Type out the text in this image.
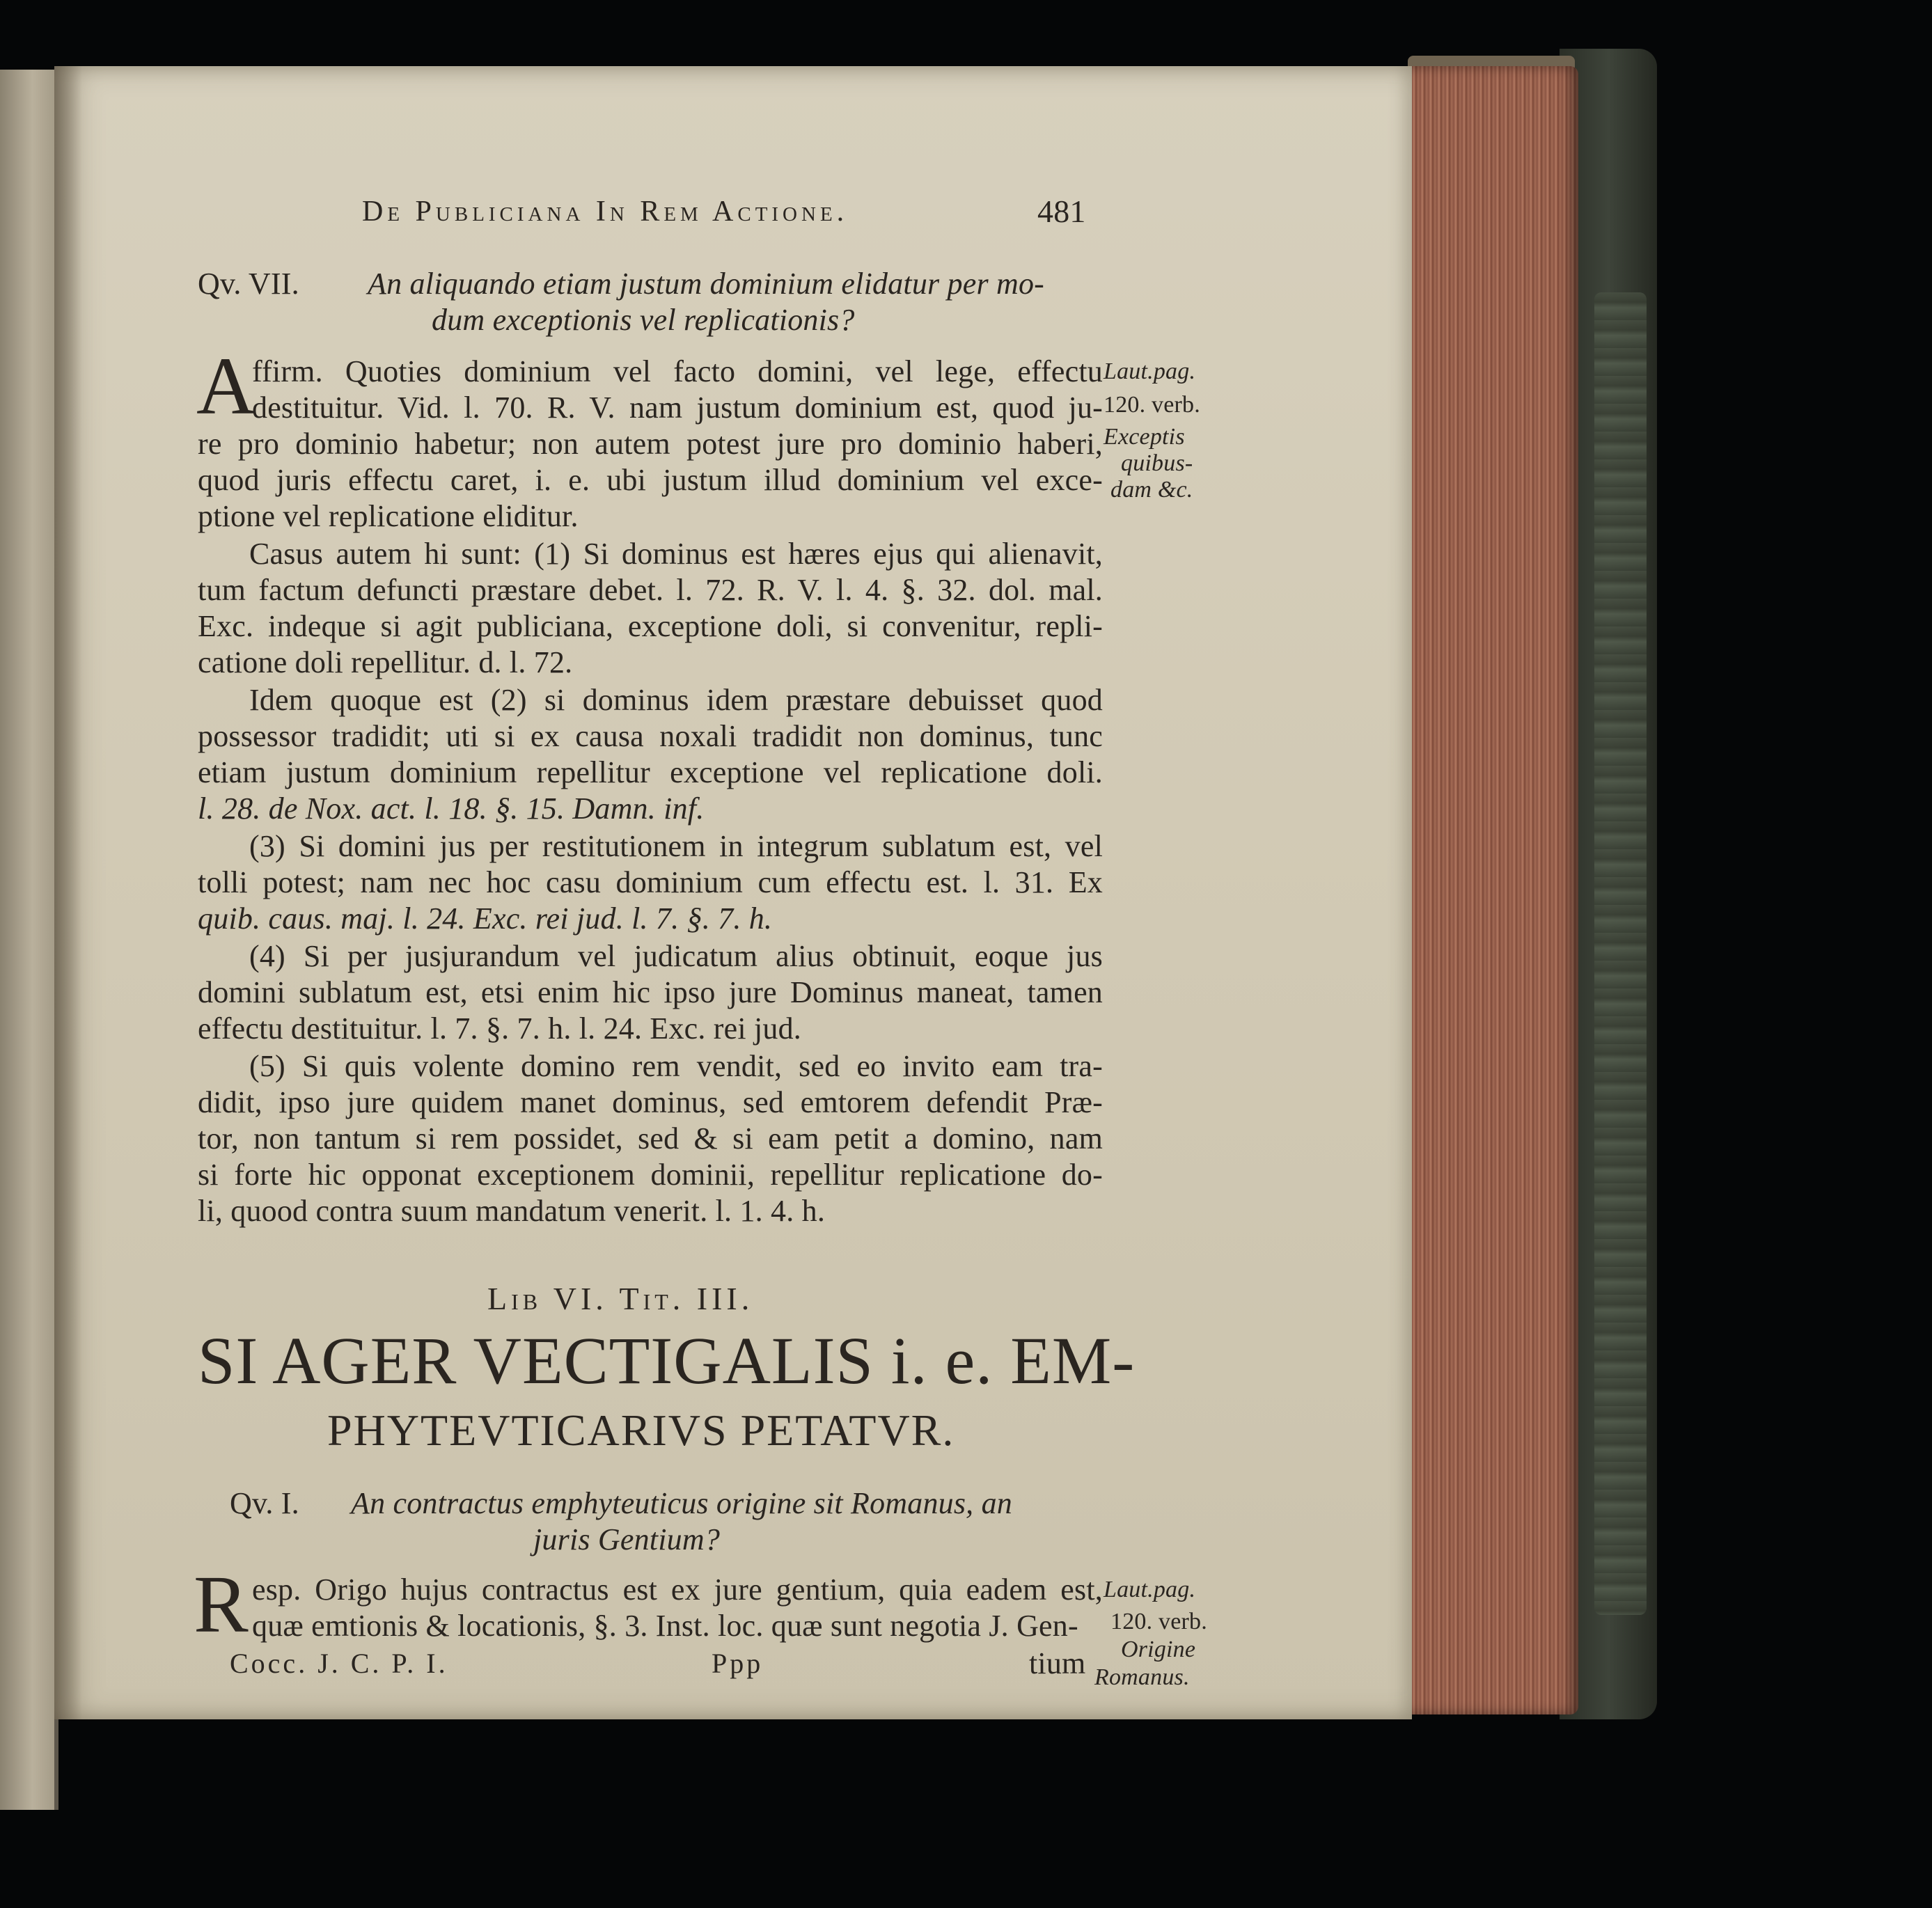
De Publiciana In Rem Actione.	481
Qv. VII. An aliquando etiam justum dominium elidatur per mo-
dum exceptionis vel replicationis?
A
ffirm. Quoties dominium vel facto domini, vel lege, effectu
destituitur. Vid. l. 70. R. V. nam justum dominium est, quod ju-
re pro dominio habetur; non autem potest jure pro dominio haberi,
quod juris effectu caret, i. e. ubi justum illud dominium vel exce-
ptione vel replicatione eliditur.
Laut.pag.
120. verb.
Exceptis
quibus-
dam &c.
Casus autem hi sunt: (1) Si dominus est hæres ejus qui alienavit,
tum factum defuncti præstare debet. l. 72. R. V. l. 4. §. 32. dol. mal.
Exc. indeque si agit publiciana, exceptione doli, si convenitur, repli-
catione doli repellitur. d. l. 72.
Idem quoque est (2) si dominus idem præstare debuisset quod
possessor tradidit; uti si ex causa noxali tradidit non dominus, tunc
etiam justum dominium repellitur exceptione vel replicatione doli.
l. 28. de Nox. act. l. 18. §. 15. Damn. inf.
(3) Si domini jus per restitutionem in integrum sublatum est, vel
tolli potest; nam nec hoc casu dominium cum effectu est. l. 31. Ex
quib. caus. maj. l. 24. Exc. rei jud. l. 7. §. 7. h.
(4) Si per jusjurandum vel judicatum alius obtinuit, eoque jus
domini sublatum est, etsi enim hic ipso jure Dominus maneat, tamen
effectu destituitur. l. 7. §. 7. h. l. 24. Exc. rei jud.
(5) Si quis volente domino rem vendit, sed eo invito eam tra-
didit, ipso jure quidem manet dominus, sed emtorem defendit Præ-
tor, non tantum si rem possidet, sed & si eam petit a domino, nam
si forte hic opponat exceptionem dominii, repellitur replicatione do-
li, quood contra suum mandatum venerit. l. 1. 4. h.
Lib VI. Tit. III.
SI AGER VECTIGALIS i. e. EM-
PHYTEVTICARIVS PETATVR.
Qv. I. An contractus emphyteuticus origine sit Romanus, an
juris Gentium?
R esp. Origo hujus contractus est ex jure gentium, quia eadem est,
quæ emtionis & locationis, §. 3. Inst. loc. quæ sunt negotia J. Gen-
Laut.pag.
120. verb.
Origine
Romanus.
Cocc. J. C. P. I.	Ppp	tium
